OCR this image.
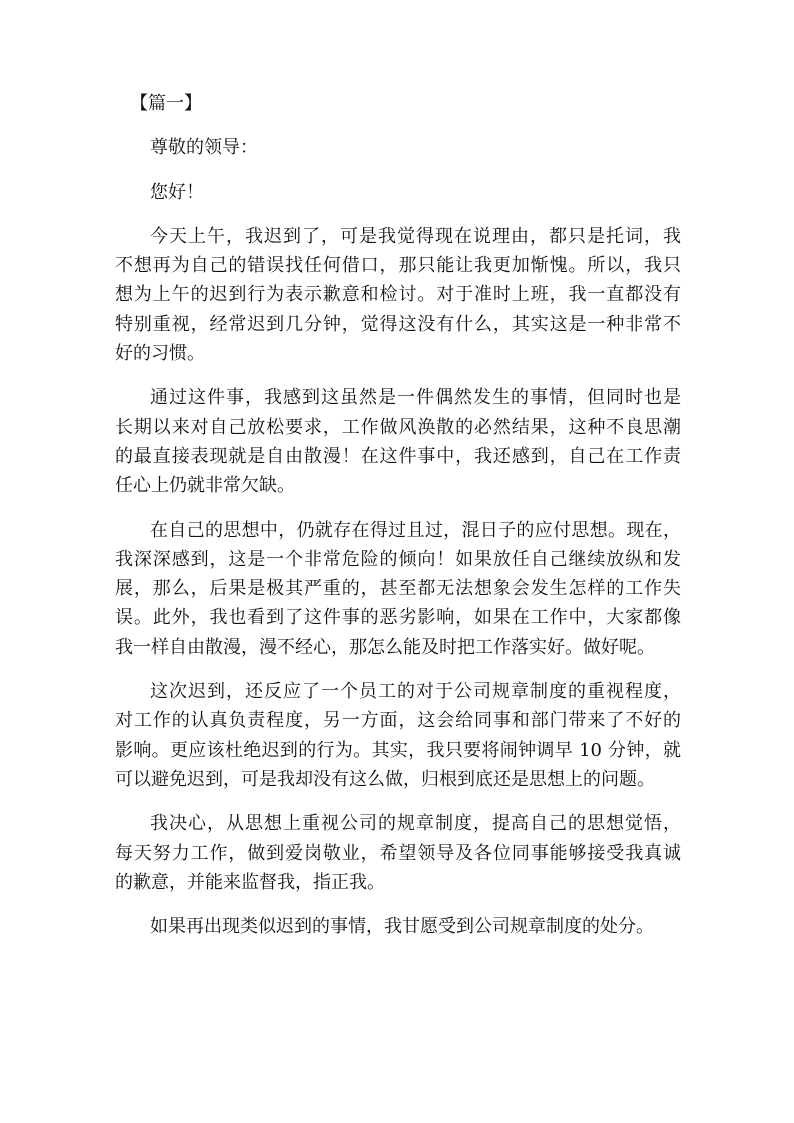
【篇一】
尊敬的领导：
您好！
今天上午，我迟到了，可是我觉得现在说理由，都只是托词，我
不想再为自己的错误找任何借口，那只能让我更加惭愧。所以，我只
想为上午的迟到行为表示歉意和检讨。对于准时上班，我一直都没有
特别重视，经常迟到几分钟，觉得这没有什么，其实这是一种非常不
好的习惯。
通过这件事，我感到这虽然是一件偶然发生的事情，但同时也是
长期以来对自己放松要求，工作做风涣散的必然结果，这种不良思潮
的最直接表现就是自由散漫！在这件事中，我还感到，自己在工作责
任心上仍就非常欠缺。
在自己的思想中，仍就存在得过且过，混日子的应付思想。现在，
我深深感到，这是一个非常危险的倾向！如果放任自己继续放纵和发
展，那么，后果是极其严重的，甚至都无法想象会发生怎样的工作失
误。此外，我也看到了这件事的恶劣影响，如果在工作中，大家都像
我一样自由散漫，漫不经心，那怎么能及时把工作落实好。做好呢。
这次迟到，还反应了一个员工的对于公司规章制度的重视程度，
对工作的认真负责程度，另一方面，这会给同事和部门带来了不好的
影响。更应该杜绝迟到的行为。其实，我只要将闹钟调早 10 分钟，就
可以避免迟到，可是我却没有这么做，归根到底还是思想上的问题。
我决心，从思想上重视公司的规章制度，提高自己的思想觉悟，
每天努力工作，做到爱岗敬业，希望领导及各位同事能够接受我真诚
的歉意，并能来监督我，指正我。
如果再出现类似迟到的事情，我甘愿受到公司规章制度的处分。
